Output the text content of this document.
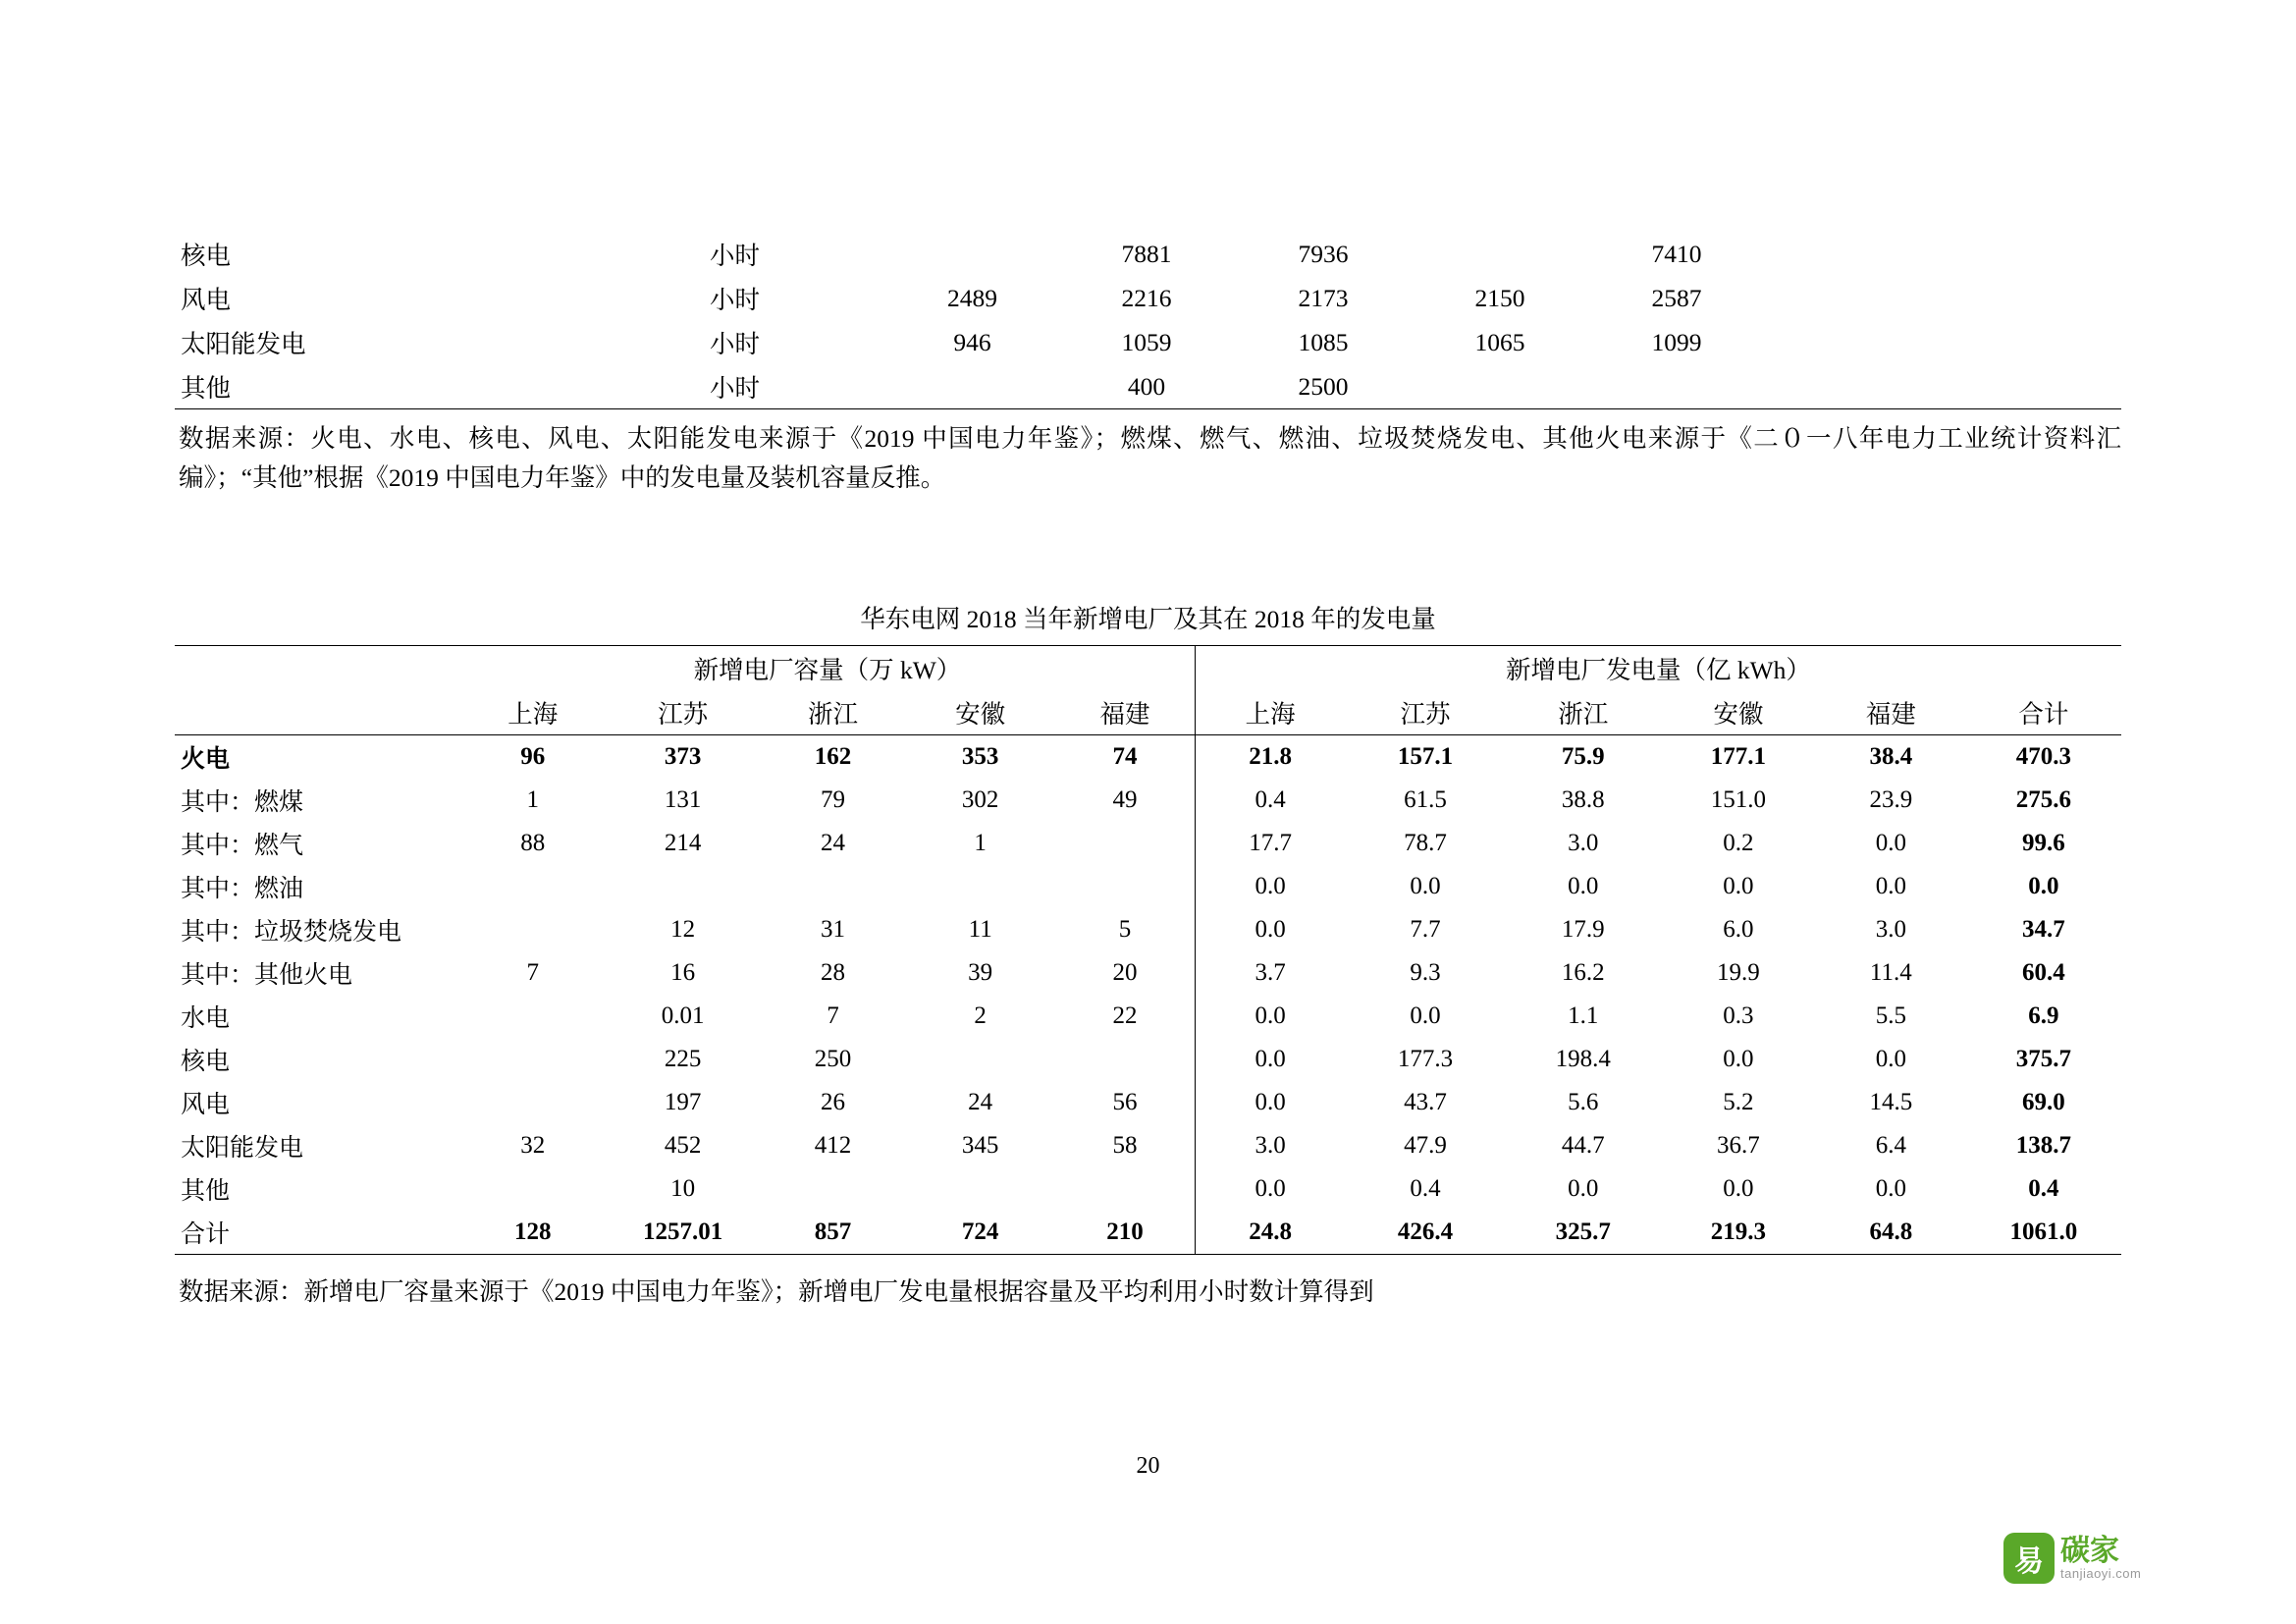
核电	小时		7881	7936		7410	
风电	小时	2489	2216	2173	2150	2587	
太阳能发电	小时	946	1059	1085	1065	1099	
其他	小时		400	2500			
数据来源：火电、水电、核电、风电、太阳能发电来源于《2019 中国电力年鉴》；燃煤、燃气、燃油、垃圾焚烧发电、其他火电来源于《二０一八年电力工业统计资料汇编》；“其他”根据《2019 中国电力年鉴》中的发电量及装机容量反推。
华东电网 2018 当年新增电厂及其在 2018 年的发电量
	新增电厂容量（万 kW）					新增电厂发电量（亿 kWh）					
	上海	江苏	浙江	安徽	福建	上海	江苏	浙江	安徽	福建	合计
火电	96	373	162	353	74	21.8	157.1	75.9	177.1	38.4	470.3
其中：燃煤	1	131	79	302	49	0.4	61.5	38.8	151.0	23.9	275.6
其中：燃气	88	214	24	1		17.7	78.7	3.0	0.2	0.0	99.6
其中：燃油						0.0	0.0	0.0	0.0	0.0	0.0
其中：垃圾焚烧发电		12	31	11	5	0.0	7.7	17.9	6.0	3.0	34.7
其中：其他火电	7	16	28	39	20	3.7	9.3	16.2	19.9	11.4	60.4
水电		0.01	7	2	22	0.0	0.0	1.1	0.3	5.5	6.9
核电		225	250			0.0	177.3	198.4	0.0	0.0	375.7
风电		197	26	24	56	0.0	43.7	5.6	5.2	14.5	69.0
太阳能发电	32	452	412	345	58	3.0	47.9	44.7	36.7	6.4	138.7
其他		10				0.0	0.4	0.0	0.0	0.0	0.4
合计	128	1257.01	857	724	210	24.8	426.4	325.7	219.3	64.8	1061.0
数据来源：新增电厂容量来源于《2019 中国电力年鉴》；新增电厂发电量根据容量及平均利用小时数计算得到
20
易 碳家
tanjiaoyi.com
